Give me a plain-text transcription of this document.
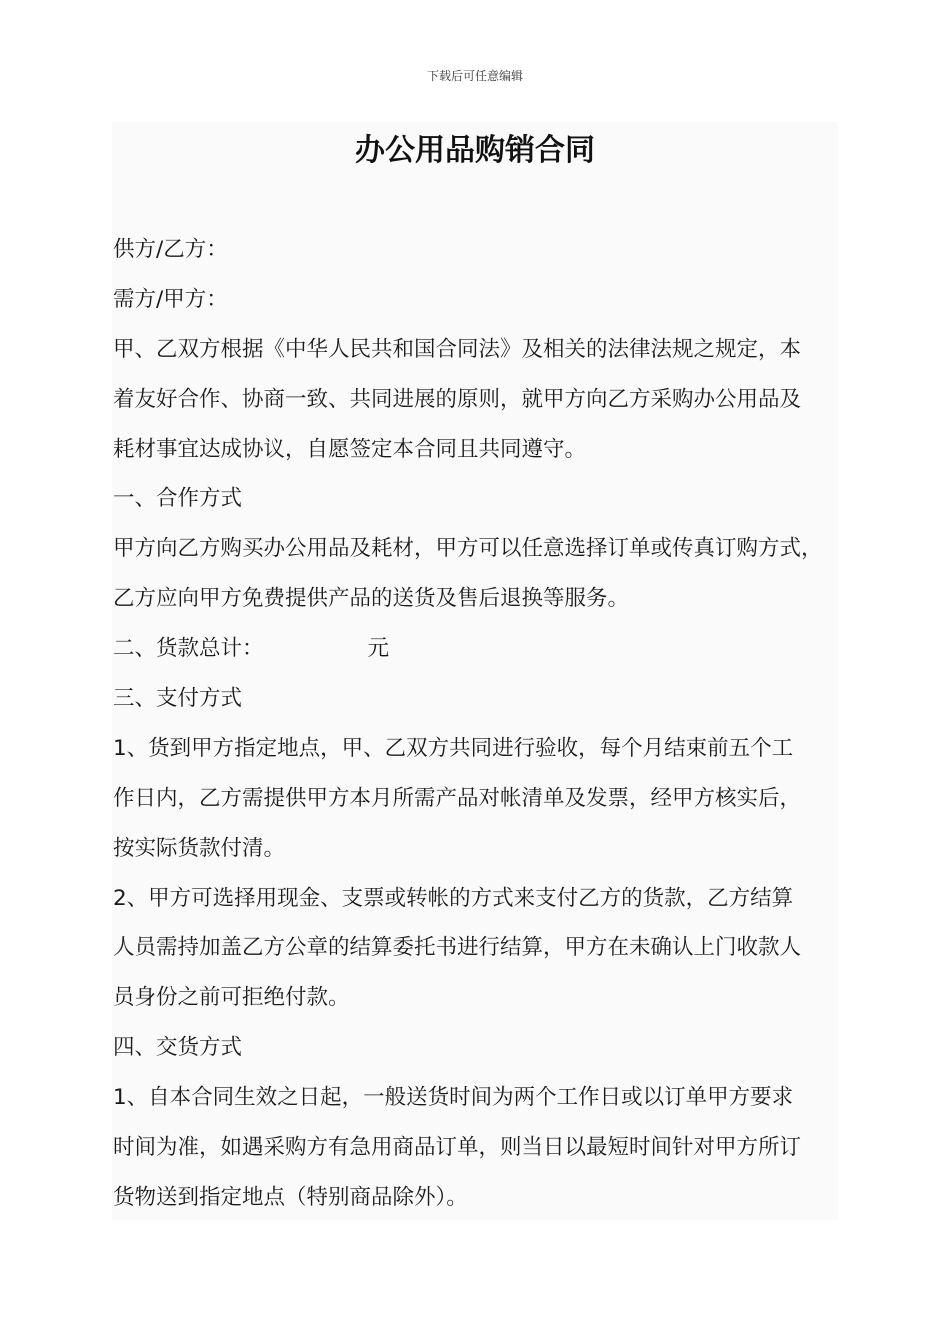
下载后可任意编辑
办公用品购销合同
供方/乙方：
需方/甲方：
甲、乙双方根据《中华人民共和国合同法》及相关的法律法规之规定，本
着友好合作、协商一致、共同进展的原则，就甲方向乙方采购办公用品及
耗材事宜达成协议，自愿签定本合同且共同遵守。
一、合作方式
甲方向乙方购买办公用品及耗材，甲方可以任意选择订单或传真订购方式，
乙方应向甲方免费提供产品的送货及售后退换等服务。
二、货款总计：	元
三、支付方式
1、货到甲方指定地点，甲、乙双方共同进行验收，每个月结束前五个工
作日内，乙方需提供甲方本月所需产品对帐清单及发票，经甲方核实后，
按实际货款付清。
2、甲方可选择用现金、支票或转帐的方式来支付乙方的货款，乙方结算
人员需持加盖乙方公章的结算委托书进行结算，甲方在未确认上门收款人
员身份之前可拒绝付款。
四、交货方式
1、自本合同生效之日起，一般送货时间为两个工作日或以订单甲方要求
时间为准，如遇采购方有急用商品订单，则当日以最短时间针对甲方所订
货物送到指定地点（特别商品除外）。
